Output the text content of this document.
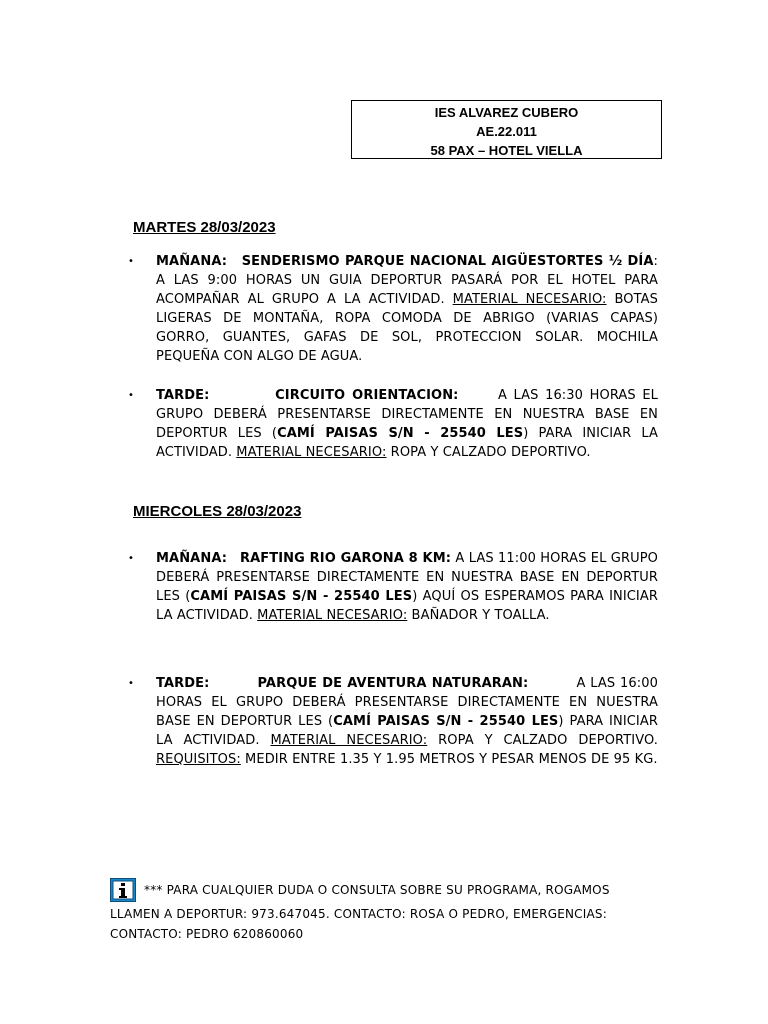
IES ALVAREZ CUBERO
AE.22.011
58 PAX – HOTEL VIELLA
MARTES 28/03/2023
•	MAÑANA: SENDERISMO PARQUE NACIONAL AIGÜESTORTES ½ DÍA: A LAS 9:00 HORAS UN GUIA DEPORTUR PASARÁ POR EL HOTEL PARA ACOMPAÑAR AL GRUPO A LA ACTIVIDAD. MATERIAL NECESARIO: BOTAS LIGERAS DE MONTAÑA, ROPA COMODA DE ABRIGO (VARIAS CAPAS) GORRO, GUANTES, GAFAS DE SOL, PROTECCION SOLAR. MOCHILA PEQUEÑA CON ALGO DE AGUA.

•	TARDE:	CIRCUITO ORIENTACION:	A LAS 16:30 HORAS EL GRUPO DEBERÁ PRESENTARSE DIRECTAMENTE EN NUESTRA BASE EN DEPORTUR LES (CAMÍ PAISAS S/N - 25540 LES) PARA INICIAR LA ACTIVIDAD. MATERIAL NECESARIO: ROPA Y CALZADO DEPORTIVO.

MIERCOLES 28/03/2023
•	MAÑANA: RAFTING RIO GARONA 8 KM: A LAS 11:00 HORAS EL GRUPO DEBERÁ PRESENTARSE DIRECTAMENTE EN NUESTRA BASE EN DEPORTUR LES (CAMÍ PAISAS S/N - 25540 LES) AQUÍ OS ESPERAMOS PARA INICIAR LA ACTIVIDAD. MATERIAL NECESARIO: BAÑADOR Y TOALLA.

•	TARDE:	PARQUE DE AVENTURA NATURARAN:	A LAS 16:00 HORAS EL GRUPO DEBERÁ PRESENTARSE DIRECTAMENTE EN NUESTRA BASE EN DEPORTUR LES (CAMÍ PAISAS S/N - 25540 LES) PARA INICIAR LA ACTIVIDAD. MATERIAL NECESARIO: ROPA Y CALZADO DEPORTIVO. REQUISITOS: MEDIR ENTRE 1.35 Y 1.95 METROS Y PESAR MENOS DE 95 KG.

*** PARA CUALQUIER DUDA O CONSULTA SOBRE SU PROGRAMA, ROGAMOS LLAMEN A DEPORTUR: 973.647045. CONTACTO: ROSA O PEDRO, EMERGENCIAS: CONTACTO: PEDRO 620860060
